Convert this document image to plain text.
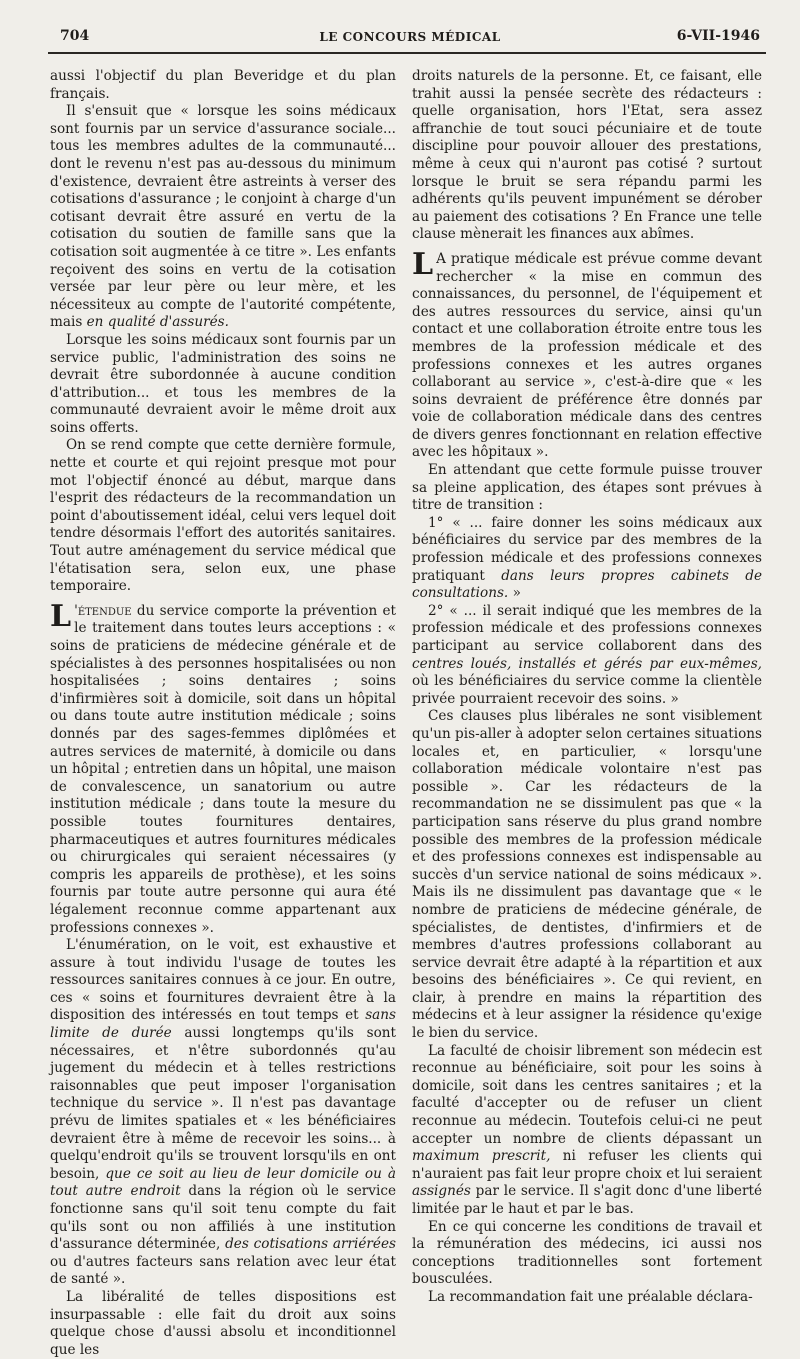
704	LE CONCOURS MÉDICAL	6-VII-1946

aussi l'objectif du plan Beveridge et du plan français.

Il s'ensuit que « lorsque les soins médicaux sont fournis par un service d'assurance sociale... tous les membres adultes de la communauté... dont le revenu n'est pas au-dessous du minimum d'existence, devraient être astreints à verser des cotisations d'assurance ; le conjoint à charge d'un cotisant devrait être assuré en vertu de la cotisation du soutien de famille sans que la cotisation soit augmentée à ce titre ». Les enfants reçoivent des soins en vertu de la cotisation versée par leur père ou leur mère, et les nécessiteux au compte de l'autorité compétente, mais en qualité d'assurés.

Lorsque les soins médicaux sont fournis par un service public, l'administration des soins ne devrait être subordonnée à aucune condition d'attribution... et tous les membres de la communauté devraient avoir le même droit aux soins offerts.

On se rend compte que cette dernière formule, nette et courte et qui rejoint presque mot pour mot l'objectif énoncé au début, marque dans l'esprit des rédacteurs de la recommandation un point d'aboutissement idéal, celui vers lequel doit tendre désormais l'effort des autorités sanitaires. Tout autre aménagement du service médical que l'étatisation sera, selon eux, une phase temporaire.

L 'étendue du service comporte la prévention et le traitement dans toutes leurs acceptions : « soins de praticiens de médecine générale et de spécialistes à des personnes hospitalisées ou non hospitalisées ; soins dentaires ; soins d'infirmières soit à domicile, soit dans un hôpital ou dans toute autre institution médicale ; soins donnés par des sages-femmes diplômées et autres services de maternité, à domicile ou dans un hôpital ; entretien dans un hôpital, une maison de convalescence, un sanatorium ou autre institution médicale ; dans toute la mesure du possible toutes fournitures dentaires, pharmaceutiques et autres fournitures médicales ou chirurgicales qui seraient nécessaires (y compris les appareils de prothèse), et les soins fournis par toute autre personne qui aura été légalement reconnue comme appartenant aux professions connexes ».

L'énumération, on le voit, est exhaustive et assure à tout individu l'usage de toutes les ressources sanitaires connues à ce jour. En outre, ces « soins et fournitures devraient être à la disposition des intéressés en tout temps et sans limite de durée aussi longtemps qu'ils sont nécessaires, et n'être subordonnés qu'au jugement du médecin et à telles restrictions raisonnables que peut imposer l'organisation technique du service ». Il n'est pas davantage prévu de limites spatiales et « les bénéficiaires devraient être à même de recevoir les soins... à quelqu'endroit qu'ils se trouvent lorsqu'ils en ont besoin, que ce soit au lieu de leur domicile ou à tout autre endroit dans la région où le service fonctionne sans qu'il soit tenu compte du fait qu'ils sont ou non affiliés à une institution d'assurance déterminée, des cotisations arriérées ou d'autres facteurs sans relation avec leur état de santé ».

La libéralité de telles dispositions est insurpassable : elle fait du droit aux soins quelque chose d'aussi absolu et inconditionnel que les

droits naturels de la personne. Et, ce faisant, elle trahit aussi la pensée secrète des rédacteurs : quelle organisation, hors l'Etat, sera assez affranchie de tout souci pécuniaire et de toute discipline pour pouvoir allouer des prestations, même à ceux qui n'auront pas cotisé ? surtout lorsque le bruit se sera répandu parmi les adhérents qu'ils peuvent impunément se dérober au paiement des cotisations ? En France une telle clause mènerait les finances aux abîmes.

L A pratique médicale est prévue comme devant rechercher « la mise en commun des connaissances, du personnel, de l'équipement et des autres ressources du service, ainsi qu'un contact et une collaboration étroite entre tous les membres de la profession médicale et des professions connexes et les autres organes collaborant au service », c'est-à-dire que « les soins devraient de préférence être donnés par voie de collaboration médicale dans des centres de divers genres fonctionnant en relation effective avec les hôpitaux ».

En attendant que cette formule puisse trouver sa pleine application, des étapes sont prévues à titre de transition :

1° « ... faire donner les soins médicaux aux bénéficiaires du service par des membres de la profession médicale et des professions connexes pratiquant dans leurs propres cabinets de consultations. »

2° « ... il serait indiqué que les membres de la profession médicale et des professions connexes participant au service collaborent dans des centres loués, installés et gérés par eux-mêmes, où les bénéficiaires du service comme la clientèle privée pourraient recevoir des soins. »

Ces clauses plus libérales ne sont visiblement qu'un pis-aller à adopter selon certaines situations locales et, en particulier, « lorsqu'une collaboration médicale volontaire n'est pas possible ». Car les rédacteurs de la recommandation ne se dissimulent pas que « la participation sans réserve du plus grand nombre possible des membres de la profession médicale et des professions connexes est indispensable au succès d'un service national de soins médicaux ». Mais ils ne dissimulent pas davantage que « le nombre de praticiens de médecine générale, de spécialistes, de dentistes, d'infirmiers et de membres d'autres professions collaborant au service devrait être adapté à la répartition et aux besoins des bénéficiaires ». Ce qui revient, en clair, à prendre en mains la répartition des médecins et à leur assigner la résidence qu'exige le bien du service.

La faculté de choisir librement son médecin est reconnue au bénéficiaire, soit pour les soins à domicile, soit dans les centres sanitaires ; et la faculté d'accepter ou de refuser un client reconnue au médecin. Toutefois celui-ci ne peut accepter un nombre de clients dépassant un maximum prescrit, ni refuser les clients qui n'auraient pas fait leur propre choix et lui seraient assignés par le service. Il s'agit donc d'une liberté limitée par le haut et par le bas.

En ce qui concerne les conditions de travail et la rémunération des médecins, ici aussi nos conceptions traditionnelles sont fortement bousculées.

La recommandation fait une préalable déclara-
